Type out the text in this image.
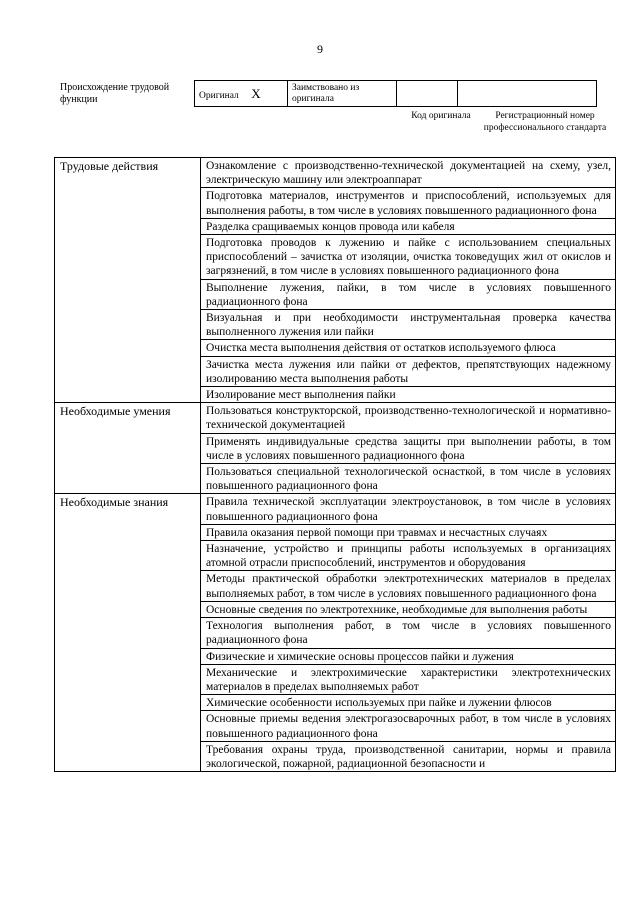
9
Происхождение трудовой функции	Оригинал X	Заимствовано из оригинала		
Код оригинала	Регистрационный номер профессионального стандарта
Трудовые действия	Ознакомление с производственно-технической документацией на схему, узел, электрическую машину или электроаппарат
	Подготовка материалов, инструментов и приспособлений, используемых для выполнения работы, в том числе в условиях повышенного радиационного фона
	Разделка сращиваемых концов провода или кабеля
	Подготовка проводов к лужению и пайке с использованием специальных приспособлений – зачистка от изоляции, очистка токоведущих жил от окислов и загрязнений, в том числе в условиях повышенного радиационного фона
	Выполнение лужения, пайки, в том числе в условиях повышенного радиационного фона
	Визуальная и при необходимости инструментальная проверка качества выполненного лужения или пайки
	Очистка места выполнения действия от остатков используемого флюса
	Зачистка места лужения или пайки от дефектов, препятствующих надежному изолированию места выполнения работы
	Изолирование мест выполнения пайки
Необходимые умения	Пользоваться конструкторской, производственно-технологической и нормативно-технической документацией
	Применять индивидуальные средства защиты при выполнении работы, в том числе в условиях повышенного радиационного фона
	Пользоваться специальной технологической оснасткой, в том числе в условиях повышенного радиационного фона
Необходимые знания	Правила технической эксплуатации электроустановок, в том числе в условиях повышенного радиационного фона
	Правила оказания первой помощи при травмах и несчастных случаях
	Назначение, устройство и принципы работы используемых в организациях атомной отрасли приспособлений, инструментов и оборудования
	Методы практической обработки электротехнических материалов в пределах выполняемых работ, в том числе в условиях повышенного радиационного фона
	Основные сведения по электротехнике, необходимые для выполнения работы
	Технология выполнения работ, в том числе в условиях повышенного радиационного фона
	Физические и химические основы процессов пайки и лужения
	Механические и электрохимические характеристики электротехнических материалов в пределах выполняемых работ
	Химические особенности используемых при пайке и лужении флюсов
	Основные приемы ведения электрогазосварочных работ, в том числе в условиях повышенного радиационного фона
	Требования охраны труда, производственной санитарии, нормы и правила экологической, пожарной, радиационной безопасности и
